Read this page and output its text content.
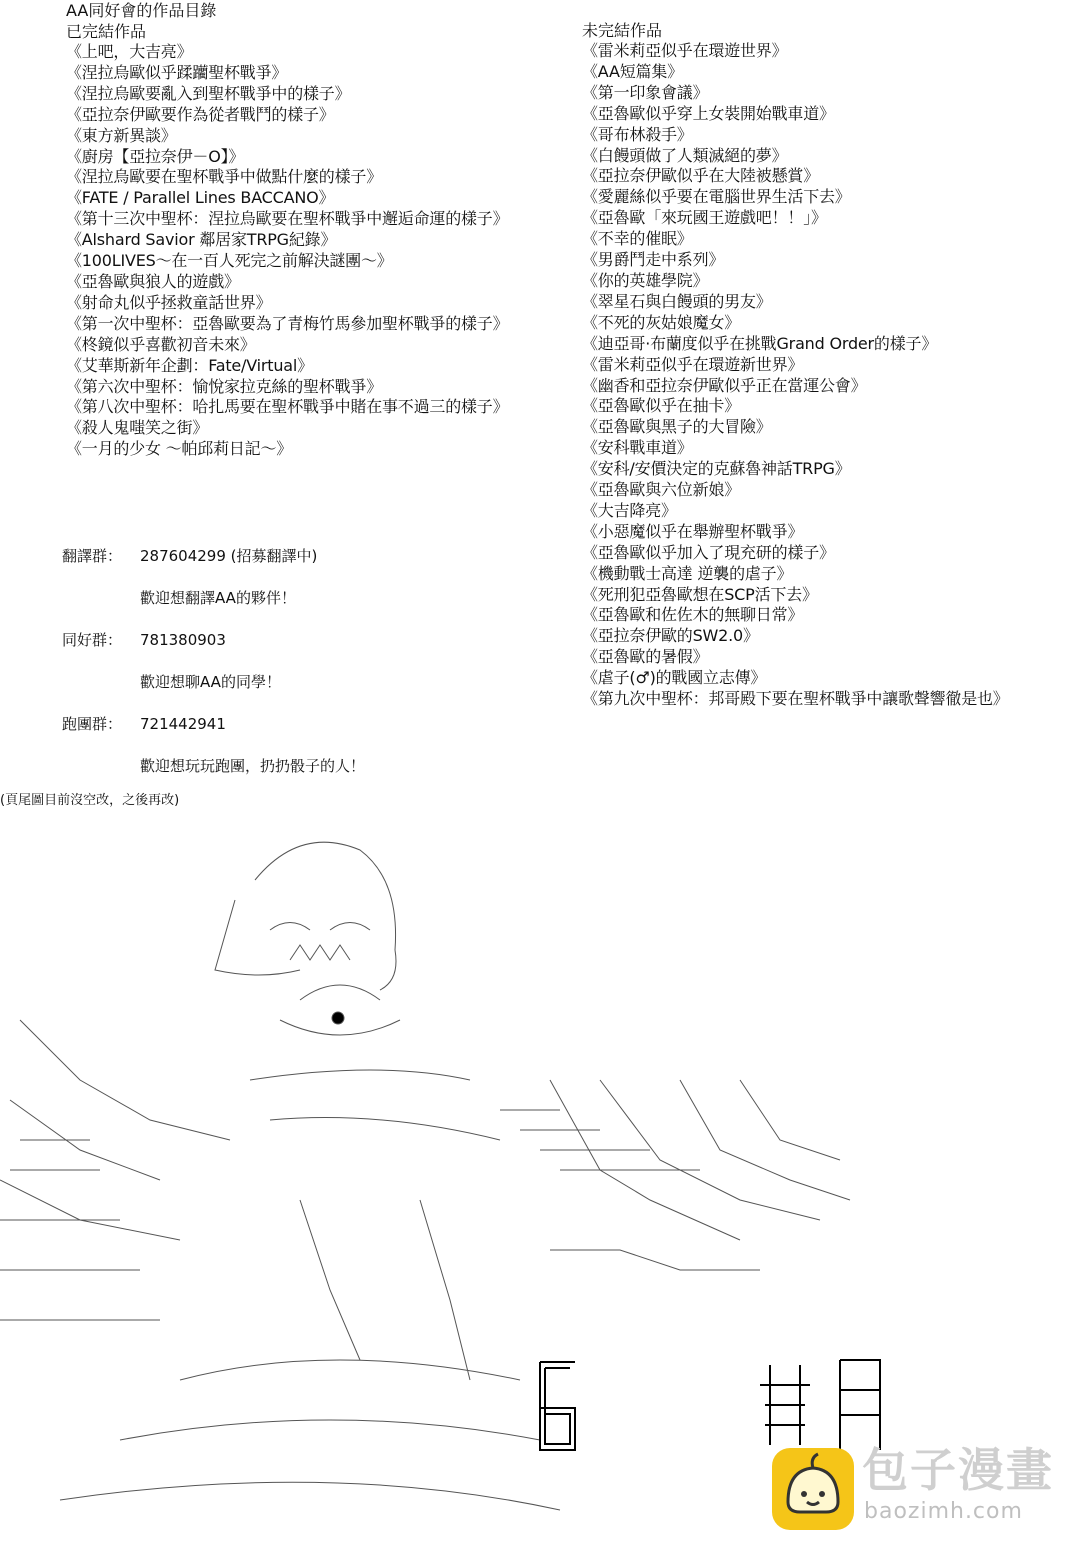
AA同好會的作品目錄
已完結作品
《上吧，大吉亮》
《涅拉烏歐似乎蹂躪聖杯戰爭》
《涅拉烏歐要亂入到聖杯戰爭中的樣子》
《亞拉奈伊歐要作為從者戰鬥的樣子》
《東方新異談》
《廚房【亞拉奈伊－O】》
《涅拉烏歐要在聖杯戰爭中做點什麼的樣子》
《FATE / Parallel Lines BACCANO》
《第十三次中聖杯：涅拉烏歐要在聖杯戰爭中邂逅命運的樣子》
《Alshard Savior 鄰居家TRPG紀錄》
《100LIVES～在一百人死完之前解決謎團～》
《亞魯歐與狼人的遊戲》
《射命丸似乎拯救童話世界》
《第一次中聖杯：亞魯歐要為了青梅竹馬參加聖杯戰爭的樣子》
《柊鏡似乎喜歡初音未來》
《艾華斯新年企劃：Fate/Virtual》
《第六次中聖杯：愉悅家拉克絲的聖杯戰爭》
《第八次中聖杯：哈扎馬要在聖杯戰爭中賭在事不過三的樣子》
《殺人鬼嗤笑之街》
《一月的少女 ～帕邱莉日記～》
未完結作品
《雷米莉亞似乎在環遊世界》
《AA短篇集》
《第一印象會議》
《亞魯歐似乎穿上女裝開始戰車道》
《哥布林殺手》
《白饅頭做了人類滅絕的夢》
《亞拉奈伊歐似乎在大陸被懸賞》
《愛麗絲似乎要在電腦世界生活下去》
《亞魯歐「來玩國王遊戲吧！！」》
《不幸的催眠》
《男爵鬥走中系列》
《你的英雄學院》
《翠星石與白饅頭的男友》
《不死的灰姑娘魔女》
《迪亞哥·布蘭度似乎在挑戰Grand Order的樣子》
《雷米莉亞似乎在環遊新世界》
《幽香和亞拉奈伊歐似乎正在當運公會》
《亞魯歐似乎在抽卡》
《亞魯歐與黑子的大冒險》
《安科戰車道》
《安科/安價決定的克蘇魯神話TRPG》
《亞魯歐與六位新娘》
《大吉降亮》
《小惡魔似乎在舉辦聖杯戰爭》
《亞魯歐似乎加入了現充研的樣子》
《機動戰士高達 逆襲的虐子》
《死刑犯亞魯歐想在SCP活下去》
《亞魯歐和佐佐木的無聊日常》
《亞拉奈伊歐的SW2.0》
《亞魯歐的暑假》
《虐子(♂)的戰國立志傳》
《第九次中聖杯：邦哥殿下要在聖杯戰爭中讓歌聲響徹是也》
翻譯群： 287604299 (招募翻譯中)
歡迎想翻譯AA的夥伴！
同好群： 781380903
歡迎想聊AA的同學！
跑團群： 721442941
歡迎想玩玩跑團，扔扔骰子的人！
(頁尾圖目前沒空改，之後再改)
包子漫畫
baozimh.com
